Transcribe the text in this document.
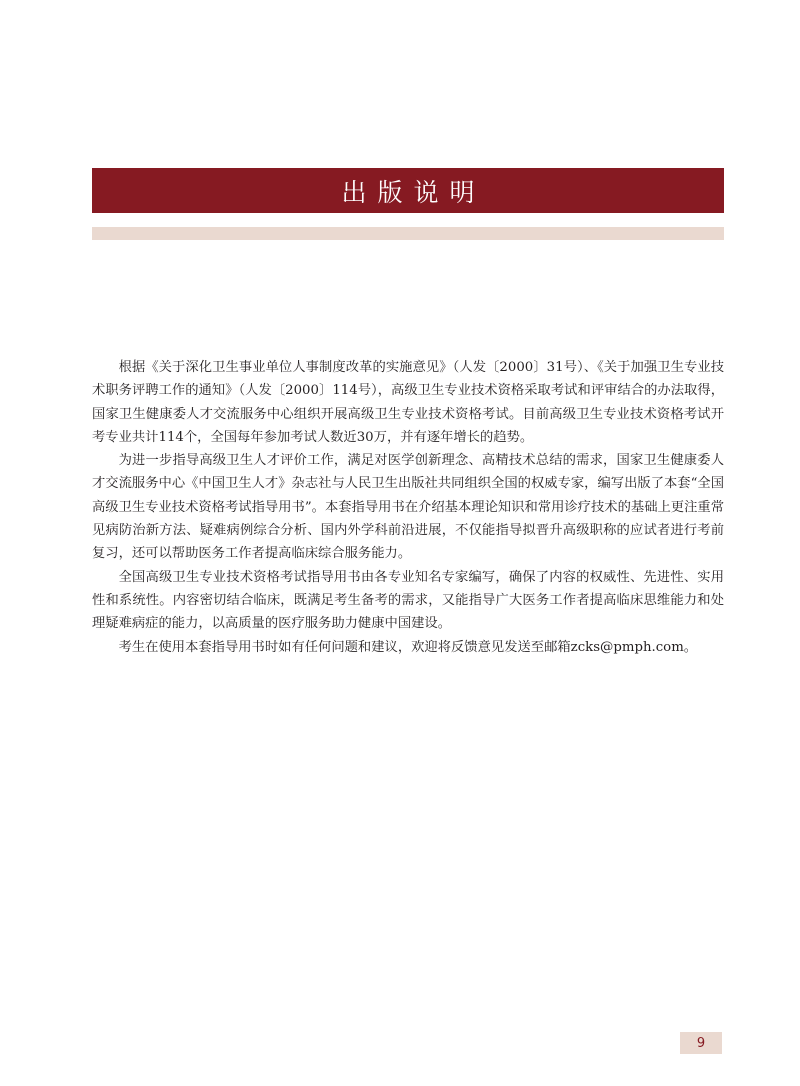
出版说明

根据《关于深化卫生事业单位人事制度改革的实施意见》（人发〔2000〕31号）、《关于加强卫生专业技术职务评聘工作的通知》（人发〔2000〕114号），高级卫生专业技术资格采取考试和评审结合的办法取得，国家卫生健康委人才交流服务中心组织开展高级卫生专业技术资格考试。目前高级卫生专业技术资格考试开考专业共计114个，全国每年参加考试人数近30万，并有逐年增长的趋势。

为进一步指导高级卫生人才评价工作，满足对医学创新理念、高精技术总结的需求，国家卫生健康委人才交流服务中心《中国卫生人才》杂志社与人民卫生出版社共同组织全国的权威专家，编写出版了本套“全国高级卫生专业技术资格考试指导用书”。本套指导用书在介绍基本理论知识和常用诊疗技术的基础上更注重常见病防治新方法、疑难病例综合分析、国内外学科前沿进展，不仅能指导拟晋升高级职称的应试者进行考前复习，还可以帮助医务工作者提高临床综合服务能力。

全国高级卫生专业技术资格考试指导用书由各专业知名专家编写，确保了内容的权威性、先进性、实用性和系统性。内容密切结合临床，既满足考生备考的需求，又能指导广大医务工作者提高临床思维能力和处理疑难病症的能力，以高质量的医疗服务助力健康中国建设。

考生在使用本套指导用书时如有任何问题和建议，欢迎将反馈意见发送至邮箱zcks@pmph.com。

9
